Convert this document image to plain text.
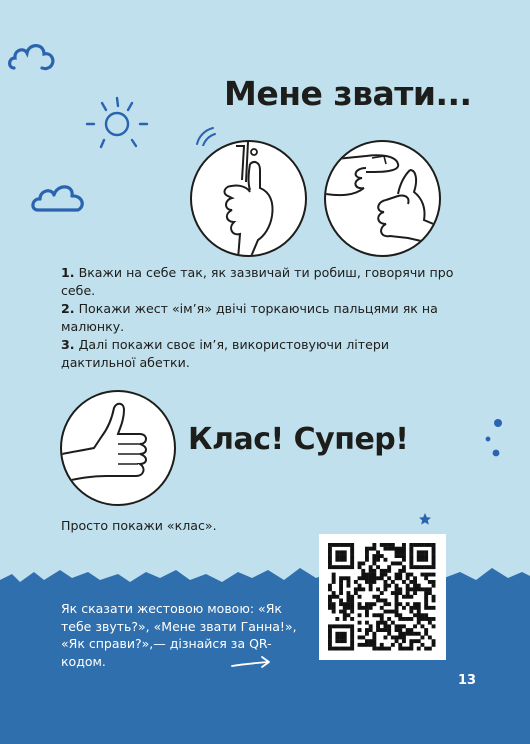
Мене звати...

1. Вкажи на себе так, як зазвичай ти робиш, говорячи про себе.

2. Покажи жест «ім’я» двічі торкаючись пальцями як на малюнку.

3. Далі покажи своє ім’я, використовуючи літери дактильної абетки.

Клас! Супер!
Просто покажи «клас».
Як сказати жестовою мовою: «Як тебе звуть?», «Мене звати Ганна!», «Як справи?»,— дізнайся за QR-кодом.
13
